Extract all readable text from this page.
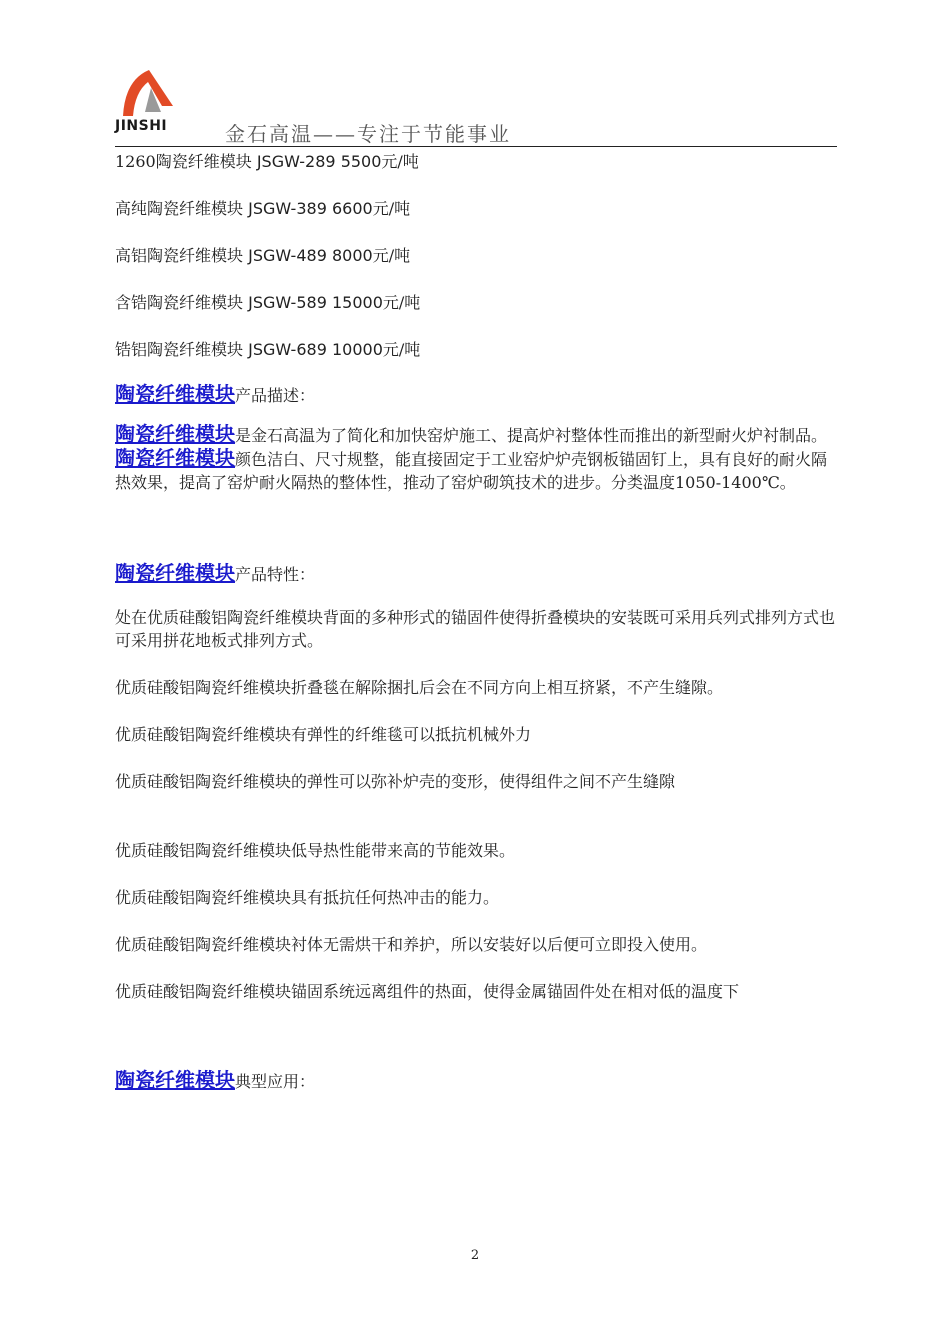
JINSHI	金石高温——专注于节能事业

1260陶瓷纤维模块 JSGW-289 5500元/吨

高纯陶瓷纤维模块 JSGW-389 6600元/吨

高铝陶瓷纤维模块 JSGW-489 8000元/吨

含锆陶瓷纤维模块 JSGW-589 15000元/吨

锆铝陶瓷纤维模块 JSGW-689 10000元/吨

陶瓷纤维模块产品描述：

陶瓷纤维模块是金石高温为了简化和加快窑炉施工、提高炉衬整体性而推出的新型耐火炉衬制品。陶瓷纤维模块颜色洁白、尺寸规整，能直接固定于工业窑炉炉壳钢板锚固钉上，具有良好的耐火隔热效果，提高了窑炉耐火隔热的整体性，推动了窑炉砌筑技术的进步。分类温度1050-1400℃。

陶瓷纤维模块产品特性：

处在优质硅酸铝陶瓷纤维模块背面的多种形式的锚固件使得折叠模块的安装既可采用兵列式排列方式也可采用拼花地板式排列方式。

优质硅酸铝陶瓷纤维模块折叠毯在解除捆扎后会在不同方向上相互挤紧，不产生缝隙。

优质硅酸铝陶瓷纤维模块有弹性的纤维毯可以抵抗机械外力

优质硅酸铝陶瓷纤维模块的弹性可以弥补炉壳的变形，使得组件之间不产生缝隙

优质硅酸铝陶瓷纤维模块低导热性能带来高的节能效果。

优质硅酸铝陶瓷纤维模块具有抵抗任何热冲击的能力。

优质硅酸铝陶瓷纤维模块衬体无需烘干和养护，所以安装好以后便可立即投入使用。

优质硅酸铝陶瓷纤维模块锚固系统远离组件的热面，使得金属锚固件处在相对低的温度下

陶瓷纤维模块典型应用：

2
